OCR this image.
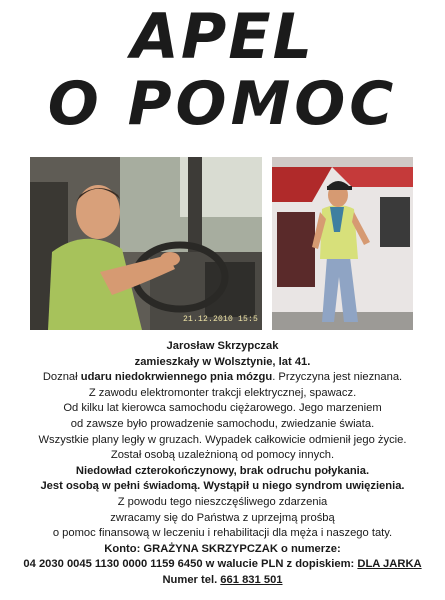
APEL
O POMOC
21.12.2010 15:5
Jarosław Skrzypczak
zamieszkały w Wolsztynie, lat 41.
Doznał udaru niedokrwiennego pnia mózgu. Przyczyna jest nieznana.
Z zawodu elektromonter trakcji elektrycznej, spawacz.
Od kilku lat kierowca samochodu ciężarowego. Jego marzeniem
od zawsze było prowadzenie samochodu, zwiedzanie świata.
Wszystkie plany legły w gruzach. Wypadek całkowicie odmienił jego życie.
Został osobą uzależnioną od pomocy innych.
Niedowład czterokończynowy, brak odruchu połykania.
Jest osobą w pełni świadomą. Wystąpił u niego syndrom uwięzienia.
Z powodu tego nieszczęśliwego zdarzenia
zwracamy się do Państwa z uprzejmą prośbą
o pomoc finansową w leczeniu i rehabilitacji dla męża i naszego taty.
Konto: GRAŻYNA SKRZYPCZAK o numerze:
04 2030 0045 1130 0000 1159 6450 w walucie PLN z dopiskiem: DLA JARKA
Numer tel. 661 831 501
